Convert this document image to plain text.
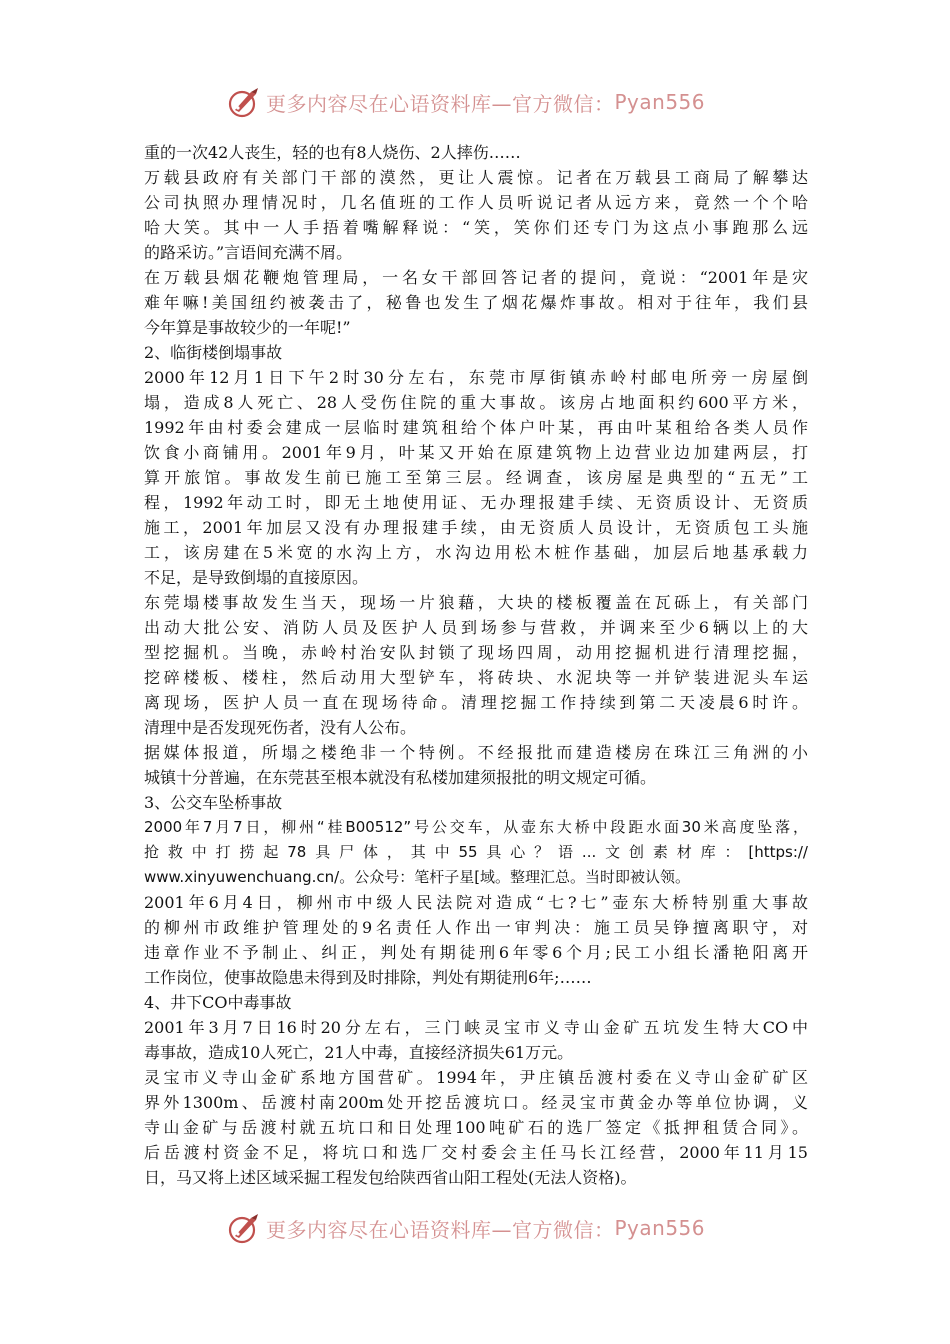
更多内容尽在心语资料库—官方微信： Pyan556
重的一次42人丧生，轻的也有8人烧伤、2人摔伤……
万载县政府有关部门干部的漠然，更让人震惊。记者在万载县工商局了解攀达
公司执照办理情况时，几名值班的工作人员听说记者从远方来，竟然一个个哈
哈大笑。其中一人手捂着嘴解释说：“笑，笑你们还专门为这点小事跑那么远
的路采访。”言语间充满不屑。
在万载县烟花鞭炮管理局，一名女干部回答记者的提问，竟说：“2001年是灾
难年嘛!美国纽约被袭击了，秘鲁也发生了烟花爆炸事故。相对于往年，我们县
今年算是事故较少的一年呢!”
2、临街楼倒塌事故
2000年12月1日下午2时30分左右，东莞市厚街镇赤岭村邮电所旁一房屋倒
塌，造成8人死亡、28人受伤住院的重大事故。该房占地面积约600平方米，
1992年由村委会建成一层临时建筑租给个体户叶某，再由叶某租给各类人员作
饮食小商铺用。2001年9月，叶某又开始在原建筑物上边营业边加建两层，打
算开旅馆。事故发生前已施工至第三层。经调查，该房屋是典型的“五无”工
程，1992年动工时，即无土地使用证、无办理报建手续、无资质设计、无资质
施工，2001年加层又没有办理报建手续，由无资质人员设计，无资质包工头施
工，该房建在5米宽的水沟上方，水沟边用松木桩作基础，加层后地基承载力
不足，是导致倒塌的直接原因。
东莞塌楼事故发生当天，现场一片狼藉，大块的楼板覆盖在瓦砾上，有关部门
出动大批公安、消防人员及医护人员到场参与营救，并调来至少6辆以上的大
型挖掘机。当晚，赤岭村治安队封锁了现场四周，动用挖掘机进行清理挖掘，
挖碎楼板、楼柱，然后动用大型铲车，将砖块、水泥块等一并铲装进泥头车运
离现场，医护人员一直在现场待命。清理挖掘工作持续到第二天凌晨6时许。
清理中是否发现死伤者，没有人公布。
据媒体报道，所塌之楼绝非一个特例。不经报批而建造楼房在珠江三角洲的小
城镇十分普遍，在东莞甚至根本就没有私楼加建须报批的明文规定可循。
3、公交车坠桥事故
2000年7月7日，柳州“桂B00512”号公交车，从壶东大桥中段距水面30米高度坠落，
抢救中打捞起78具尸体，其中55具心？语...文创素材库：[https://
www.xinyuwenchuang.cn/。公众号：笔杆子星[域。整理汇总。当时即被认领。
2001年6月4日，柳州市中级人民法院对造成“七?七”壶东大桥特别重大事故
的柳州市政维护管理处的9名责任人作出一审判决：施工员吴铮擅离职守，对
违章作业不予制止、纠正，判处有期徒刑6年零6个月;民工小组长潘艳阳离开
工作岗位，使事故隐患未得到及时排除，判处有期徒刑6年;……
4、井下CO中毒事故
2001年3月7日16时20分左右，三门峡灵宝市义寺山金矿五坑发生特大CO中
毒事故，造成10人死亡，21人中毒，直接经济损失61万元。
灵宝市义寺山金矿系地方国营矿。1994年，尹庄镇岳渡村委在义寺山金矿矿区
界外1300m、岳渡村南200m处开挖岳渡坑口。经灵宝市黄金办等单位协调，义
寺山金矿与岳渡村就五坑口和日处理100吨矿石的选厂签定《抵押租赁合同》。
后岳渡村资金不足，将坑口和选厂交村委会主任马长江经营，2000年11月15
日，马又将上述区域采掘工程发包给陕西省山阳工程处(无法人资格)。
更多内容尽在心语资料库—官方微信： Pyan556
